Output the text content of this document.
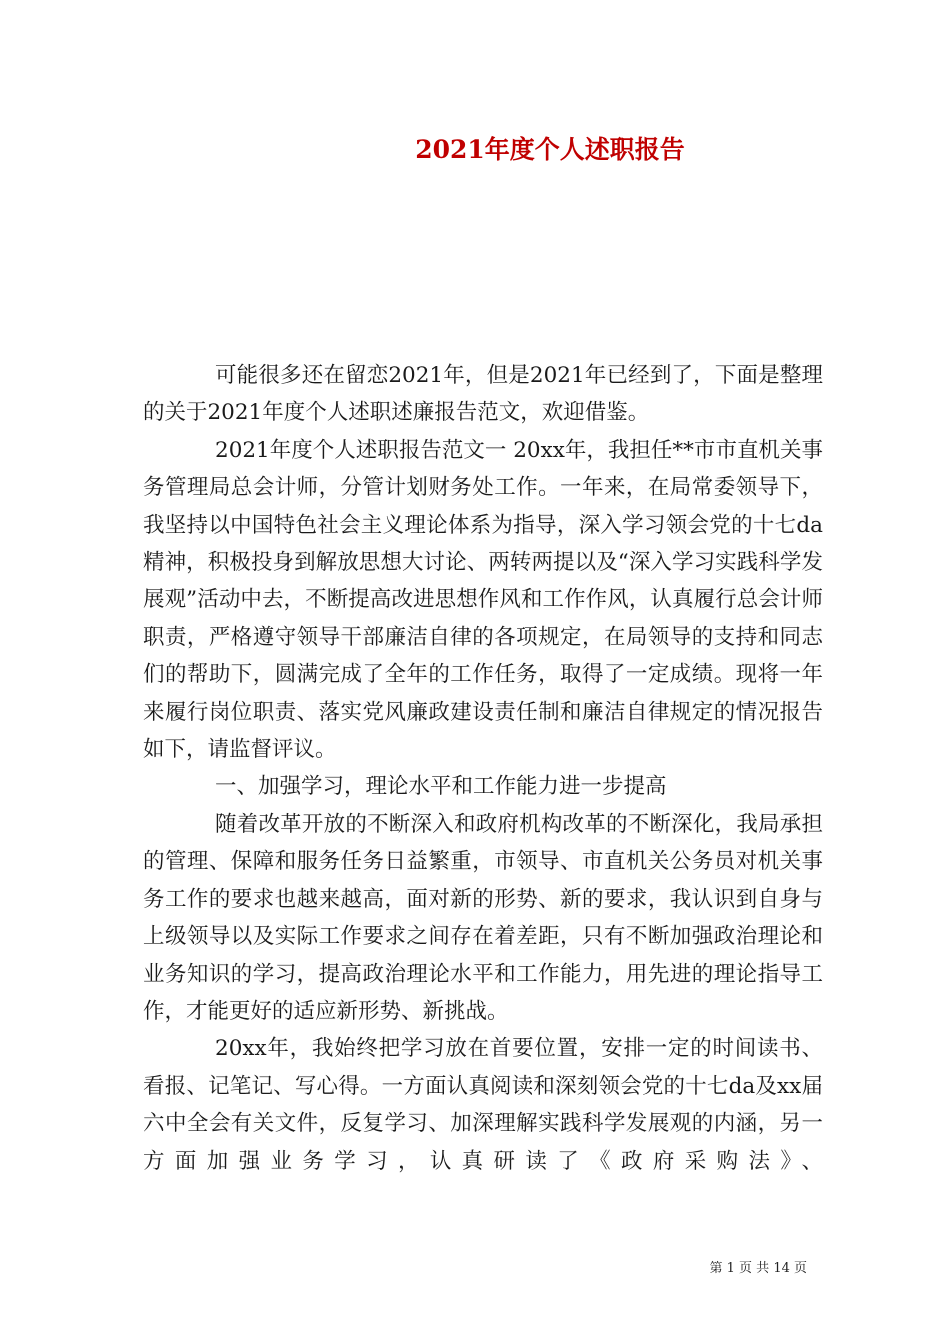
2021年度个人述职报告

可能很多还在留恋2021年，但是2021年已经到了，下面是整理的关于2021年度个人述职述廉报告范文，欢迎借鉴。

2021年度个人述职报告范文一 20xx年，我担任**市市直机关事务管理局总会计师，分管计划财务处工作。一年来，在局常委领导下，我坚持以中国特色社会主义理论体系为指导，深入学习领会党的十七da精神，积极投身到解放思想大讨论、两转两提以及“深入学习实践科学发展观”活动中去，不断提高改进思想作风和工作作风，认真履行总会计师职责，严格遵守领导干部廉洁自律的各项规定，在局领导的支持和同志们的帮助下，圆满完成了全年的工作任务，取得了一定成绩。现将一年来履行岗位职责、落实党风廉政建设责任制和廉洁自律规定的情况报告如下，请监督评议。

一、加强学习，理论水平和工作能力进一步提高

随着改革开放的不断深入和政府机构改革的不断深化，我局承担的管理、保障和服务任务日益繁重，市领导、市直机关公务员对机关事务工作的要求也越来越高，面对新的形势、新的要求，我认识到自身与上级领导以及实际工作要求之间存在着差距，只有不断加强政治理论和业务知识的学习，提高政治理论水平和工作能力，用先进的理论指导工作，才能更好的适应新形势、新挑战。

20xx年，我始终把学习放在首要位置，安排一定的时间读书、看报、记笔记、写心得。一方面认真阅读和深刻领会党的十七da及xx届六中全会有关文件，反复学习、加深理解实践科学发展观的内涵，另一方面加强业务学习，认真研读了《政府采购法》、

第 1 页 共 14 页
